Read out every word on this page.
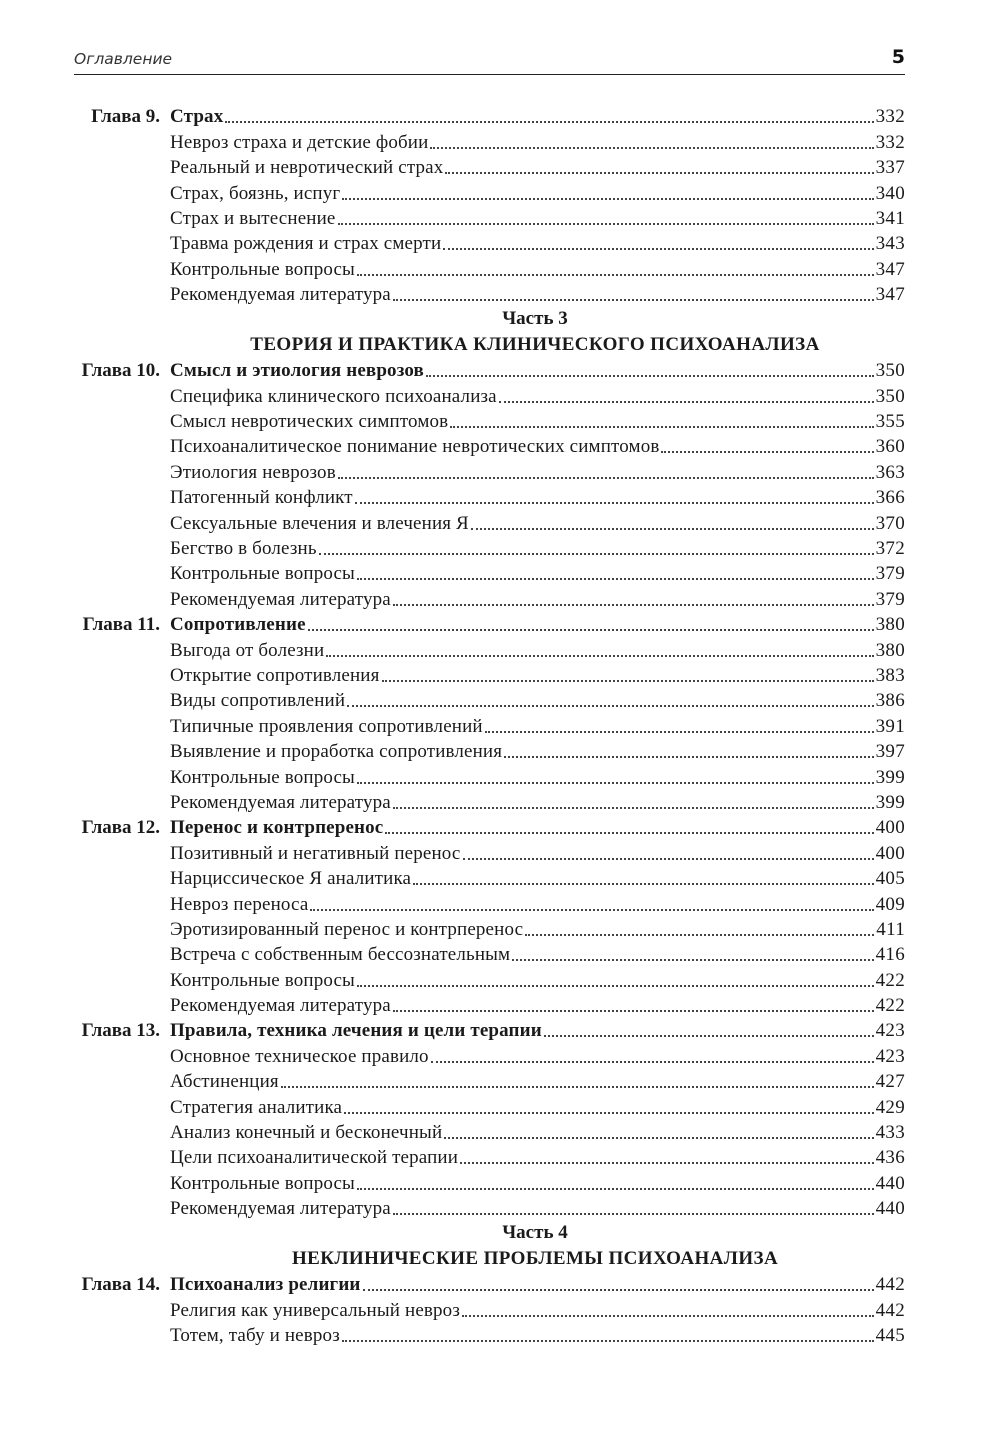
Оглавление	5
Глава 9. Страх	332
Невроз страха и детские фобии	332
Реальный и невротический страх	337
Страх, боязнь, испуг	340
Страх и вытеснение	341
Травма рождения и страх смерти	343
Контрольные вопросы	347
Рекомендуемая литература	347
Часть 3
ТЕОРИЯ И ПРАКТИКА КЛИНИЧЕСКОГО ПСИХОАНАЛИЗА
Глава 10. Смысл и этиология неврозов	350
Специфика клинического психоанализа	350
Смысл невротических симптомов	355
Психоаналитическое понимание невротических симптомов	360
Этиология неврозов	363
Патогенный конфликт	366
Сексуальные влечения и влечения Я	370
Бегство в болезнь	372
Контрольные вопросы	379
Рекомендуемая литература	379
Глава 11. Сопротивление	380
Выгода от болезни	380
Открытие сопротивления	383
Виды сопротивлений	386
Типичные проявления сопротивлений	391
Выявление и проработка сопротивления	397
Контрольные вопросы	399
Рекомендуемая литература	399
Глава 12. Перенос и контрперенос	400
Позитивный и негативный перенос	400
Нарциссическое Я аналитика	405
Невроз переноса	409
Эротизированный перенос и контрперенос	411
Встреча с собственным бессознательным	416
Контрольные вопросы	422
Рекомендуемая литература	422
Глава 13. Правила, техника лечения и цели терапии	423
Основное техническое правило	423
Абстиненция	427
Стратегия аналитика	429
Анализ конечный и бесконечный	433
Цели психоаналитической терапии	436
Контрольные вопросы	440
Рекомендуемая литература	440
Часть 4
НЕКЛИНИЧЕСКИЕ ПРОБЛЕМЫ ПСИХОАНАЛИЗА
Глава 14. Психоанализ религии	442
Религия как универсальный невроз	442
Тотем, табу и невроз	445
